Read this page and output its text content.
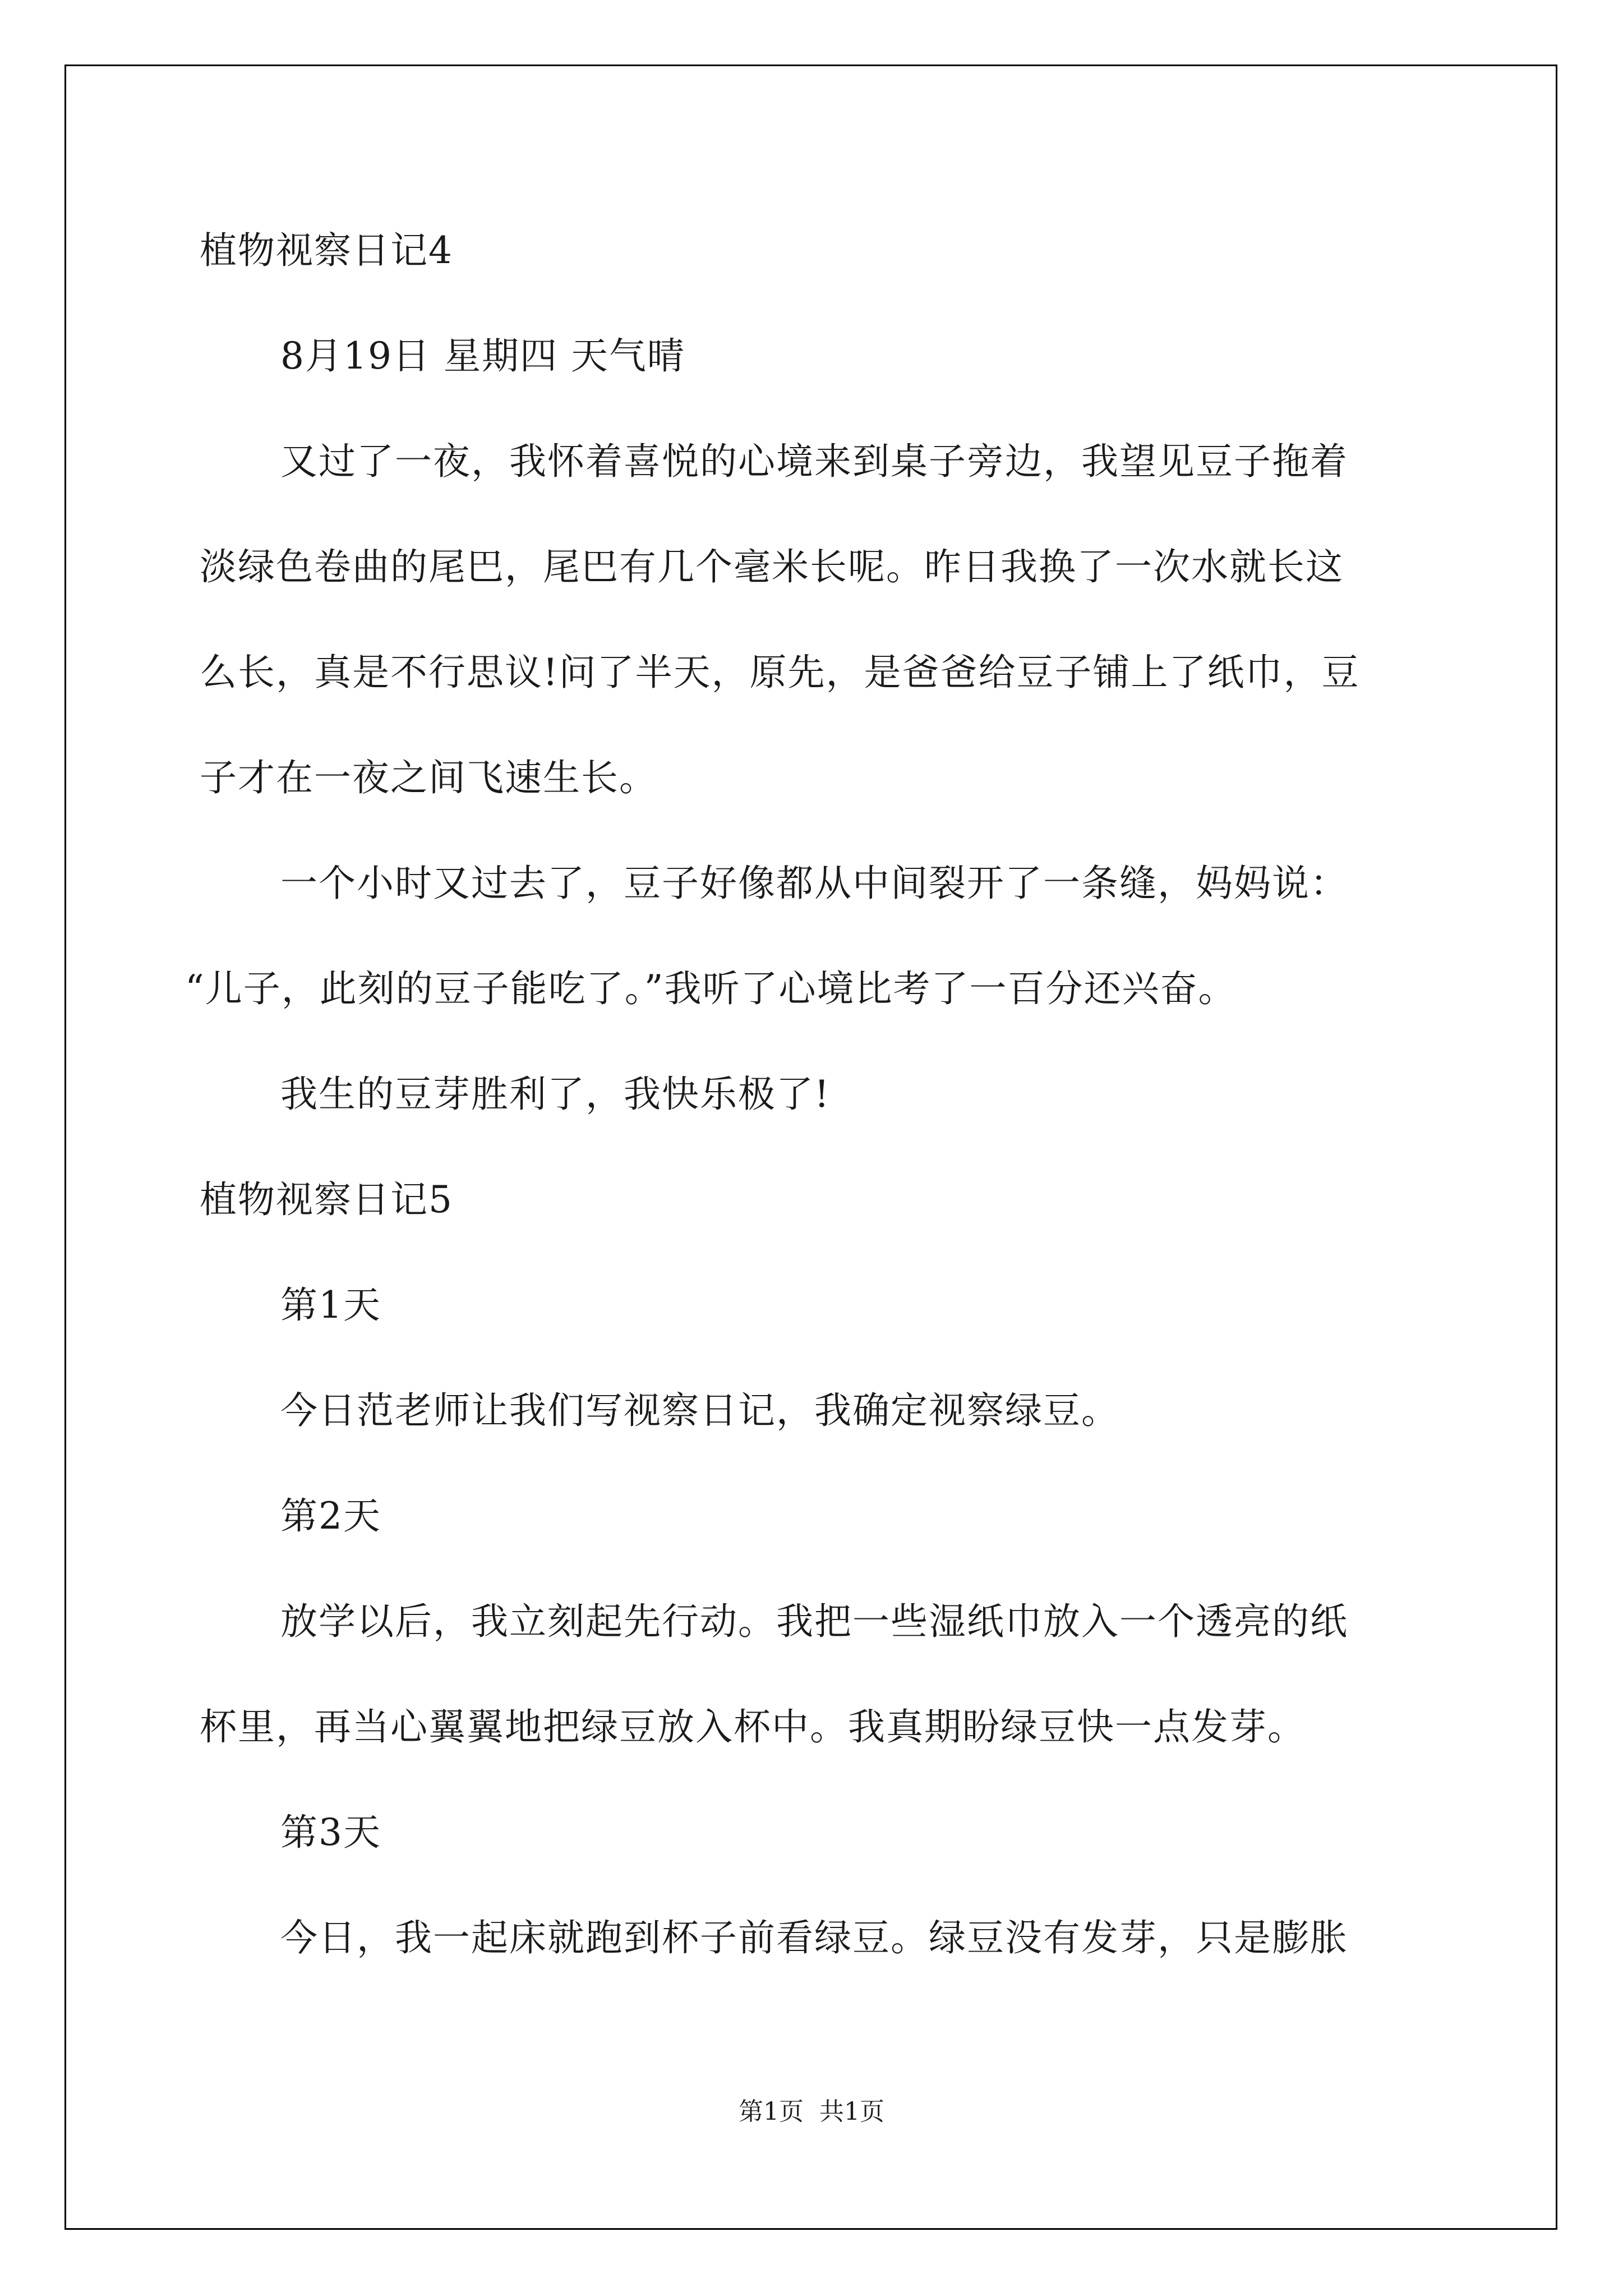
植物视察日记4

8月19日 星期四 天气晴

又过了一夜，我怀着喜悦的心境来到桌子旁边，我望见豆子拖着

淡绿色卷曲的尾巴，尾巴有几个毫米长呢。昨日我换了一次水就长这

么长，真是不行思议!问了半天，原先，是爸爸给豆子铺上了纸巾，豆

子才在一夜之间飞速生长。

一个小时又过去了，豆子好像都从中间裂开了一条缝，妈妈说：

“儿子，此刻的豆子能吃了。”我听了心境比考了一百分还兴奋。

我生的豆芽胜利了，我快乐极了!

植物视察日记5

第1天

今日范老师让我们写视察日记，我确定视察绿豆。

第2天

放学以后，我立刻起先行动。我把一些湿纸巾放入一个透亮的纸

杯里，再当心翼翼地把绿豆放入杯中。我真期盼绿豆快一点发芽。

第3天

今日，我一起床就跑到杯子前看绿豆。绿豆没有发芽，只是膨胀

第1页 共1页
